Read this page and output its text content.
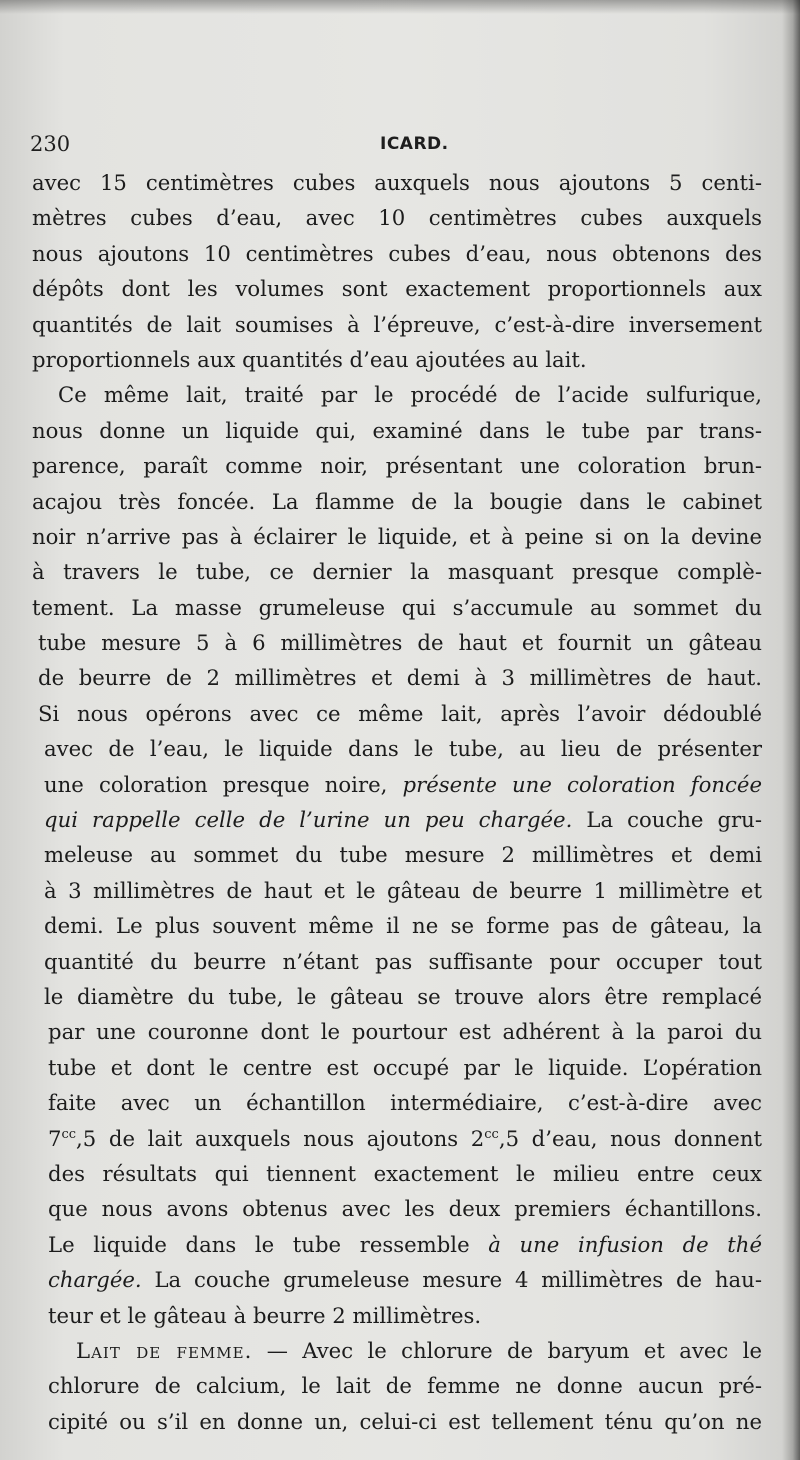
230	ICARD.
avec 15 centimètres cubes auxquels nous ajoutons 5 centi-
mètres cubes d’eau, avec 10 centimètres cubes auxquels
nous ajoutons 10 centimètres cubes d’eau, nous obtenons des
dépôts dont les volumes sont exactement proportionnels aux
quantités de lait soumises à l’épreuve, c’est-à-dire inversement
proportionnels aux quantités d’eau ajoutées au lait.
Ce même lait, traité par le procédé de l’acide sulfurique,
nous donne un liquide qui, examiné dans le tube par trans-
parence, paraît comme noir, présentant une coloration brun-
acajou très foncée. La flamme de la bougie dans le cabinet
noir n’arrive pas à éclairer le liquide, et à peine si on la devine
à travers le tube, ce dernier la masquant presque complè-
tement. La masse grumeleuse qui s’accumule au sommet du
tube mesure 5 à 6 millimètres de haut et fournit un gâteau
de beurre de 2 millimètres et demi à 3 millimètres de haut.
Si nous opérons avec ce même lait, après l’avoir dédoublé
avec de l’eau, le liquide dans le tube, au lieu de présenter
une coloration presque noire, présente une coloration foncée
qui rappelle celle de l’urine un peu chargée. La couche gru-
meleuse au sommet du tube mesure 2 millimètres et demi
à 3 millimètres de haut et le gâteau de beurre 1 millimètre et
demi. Le plus souvent même il ne se forme pas de gâteau, la
quantité du beurre n’étant pas suffisante pour occuper tout
le diamètre du tube, le gâteau se trouve alors être remplacé
par une couronne dont le pourtour est adhérent à la paroi du
tube et dont le centre est occupé par le liquide. L’opération
faite avec un échantillon intermédiaire, c’est-à-dire avec
$7^{cc},5$ de lait auxquels nous ajoutons $2^{cc},5$ d’eau, nous donnent
des résultats qui tiennent exactement le milieu entre ceux
que nous avons obtenus avec les deux premiers échantillons.
Le liquide dans le tube ressemble à une infusion de thé
chargée. La couche grumeleuse mesure 4 millimètres de hau-
teur et le gâteau à beurre 2 millimètres.
Lait de femme. — Avec le chlorure de baryum et avec le
chlorure de calcium, le lait de femme ne donne aucun pré-
cipité ou s’il en donne un, celui-ci est tellement ténu qu’on ne
